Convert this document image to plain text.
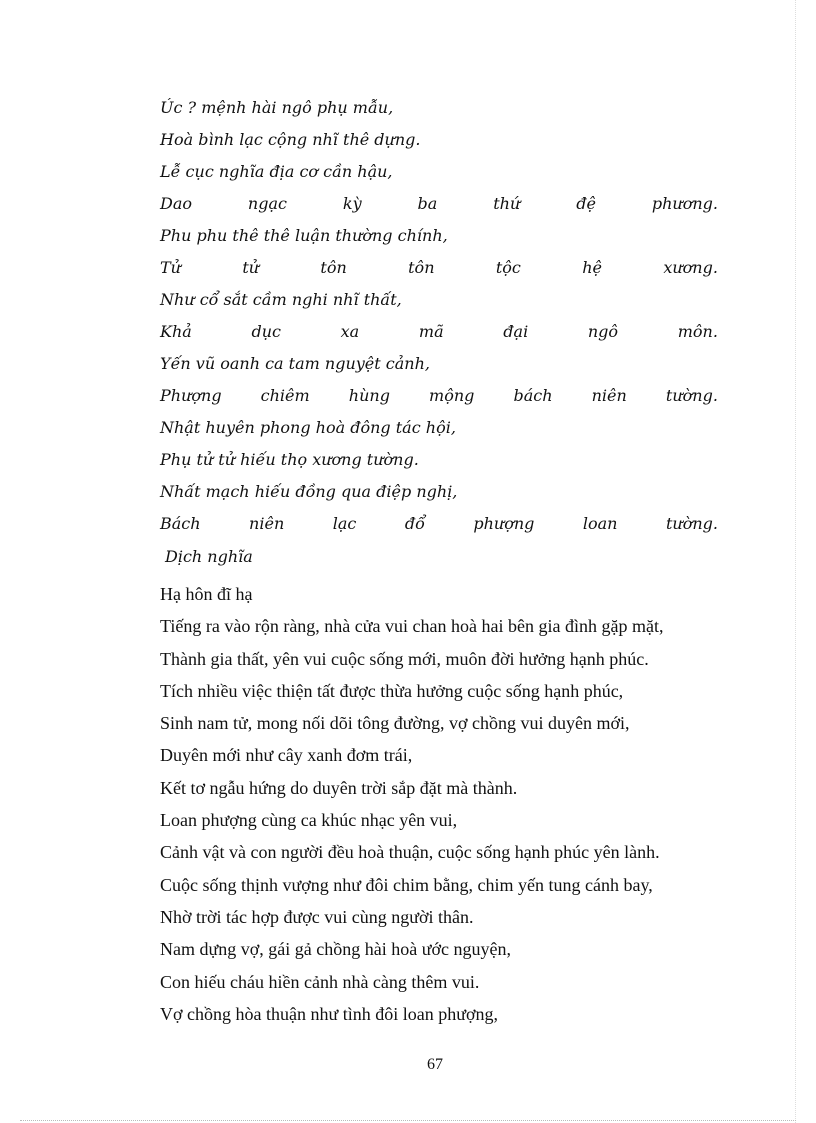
Úc ? mệnh hài ngô phụ mẫu,
Hoà bình lạc cộng nhĩ thê dựng.
Lễ cục nghĩa địa cơ cần hậu,
Dao	ngạc	kỳ	ba	thứ	đệ	phương.
Phu phu thê thê luận thường chính,
Tử	tử	tôn	tôn	tộc	hệ	xương.
Như cổ sắt cầm nghi nhĩ thất,
Khả	dục	xa	mã	đại	ngô	môn.
Yến vũ oanh ca tam nguyệt cảnh,
Phượng chiêm hùng mộng bách niên tường.
Nhật huyên phong hoà đông tác hội,
Phụ tử tử hiếu thọ xương tường.
Nhất mạch hiếu đồng qua điệp nghị,
Bách	niên	lạc	đổ	phượng	loan	tường.
Dịch nghĩa
Hạ hôn đĩ hạ
Tiếng ra vào rộn ràng, nhà cửa vui chan hoà hai bên gia đình gặp mặt,
Thành gia thất, yên vui cuộc sống mới, muôn đời hưởng hạnh phúc.
Tích nhiều việc thiện tất được thừa hưởng cuộc sống hạnh phúc,
Sinh nam tử, mong nối dõi tông đường, vợ chồng vui duyên mới,
Duyên mới như cây xanh đơm trái,
Kết tơ ngẫu hứng do duyên trời sắp đặt mà thành.
Loan phượng cùng ca khúc nhạc yên vui,
Cảnh vật và con người đều hoà thuận, cuộc sống hạnh phúc yên lành.
Cuộc sống thịnh vượng như đôi chim bằng, chim yến tung cánh bay,
Nhờ trời tác hợp được vui cùng người thân.
Nam dựng vợ, gái gả chồng hài hoà ước nguyện,
Con hiếu cháu hiền cảnh nhà càng thêm vui.
Vợ chồng hòa thuận như tình đôi loan phượng,
67
